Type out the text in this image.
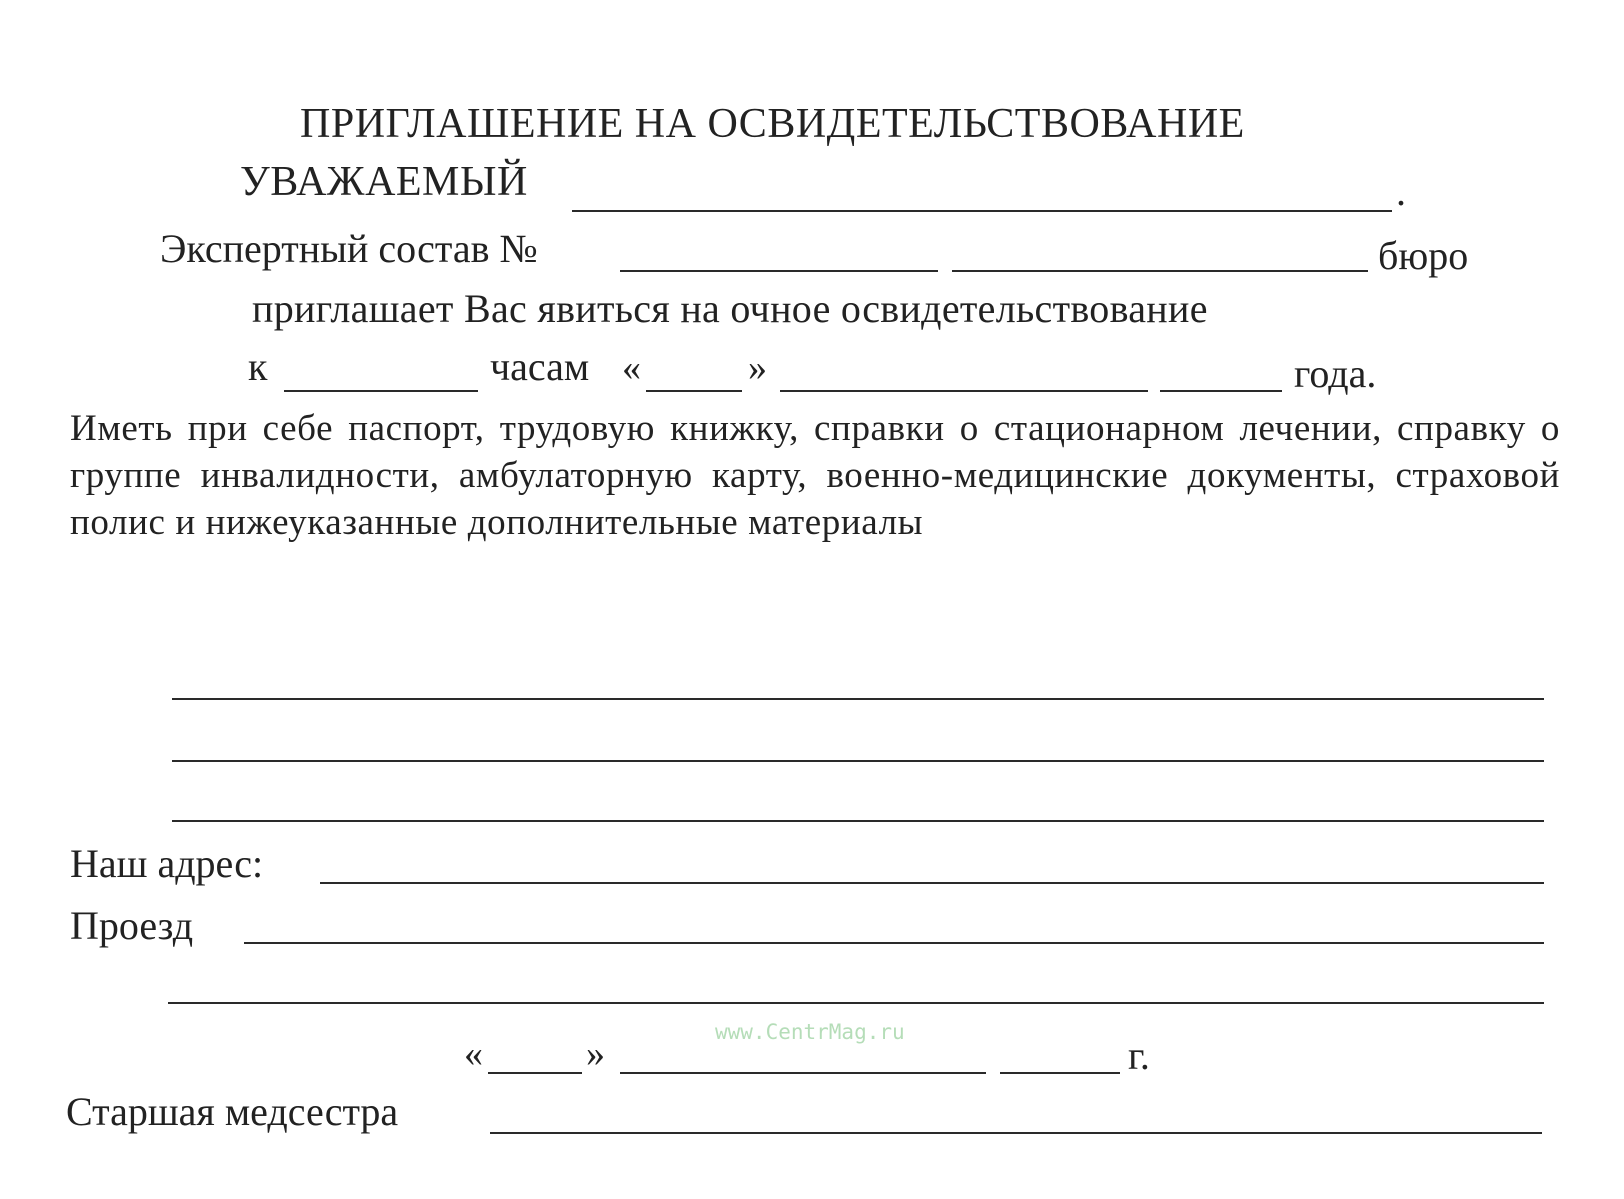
ПРИГЛАШЕНИЕ НА ОСВИДЕТЕЛЬСТВОВАНИЕ
УВАЖАЕМЫЙ	.
Экспертный состав №	бюро
приглашает Вас явиться на очное освидетельствование
к	часам «	»	года.
Иметь при себе паспорт, трудовую книжку, справки о стационарном лечении, справку о группе инвалидности, амбулаторную карту, военно-медицинские документы, страховой полис и нижеуказанные дополнительные материалы
Наш адрес:
Проезд
www.CentrMag.ru
«	»	г.
Старшая медсестра
